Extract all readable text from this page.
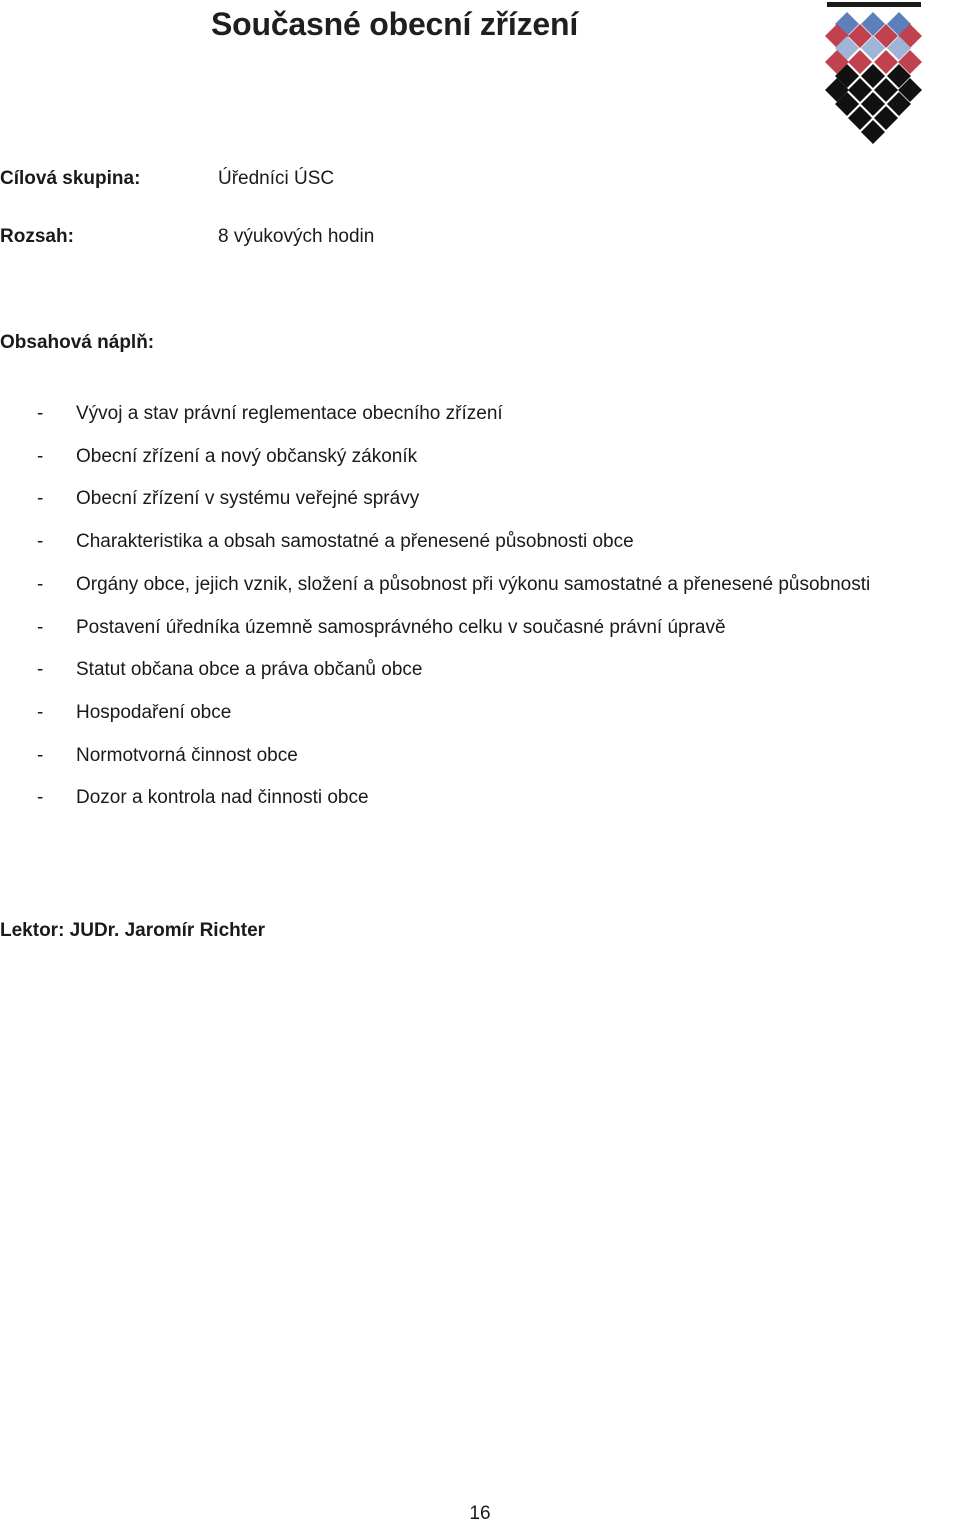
Současné obecní zřízení
Cílová skupina:	Úředníci ÚSC
Rozsah:	8 výukových hodin
Obsahová náplň:
- Vývoj a stav právní reglementace obecního zřízení
- Obecní zřízení a nový občanský zákoník
- Obecní zřízení v systému veřejné správy
- Charakteristika a obsah samostatné a přenesené působnosti obce
- Orgány obce, jejich vznik, složení a působnost při výkonu samostatné a přenesené působnosti
- Postavení úředníka územně samosprávného celku v současné právní úpravě
- Statut občana obce a práva občanů obce
- Hospodaření obce
- Normotvorná činnost obce
- Dozor a kontrola nad činnosti obce
Lektor: JUDr. Jaromír Richter
16
